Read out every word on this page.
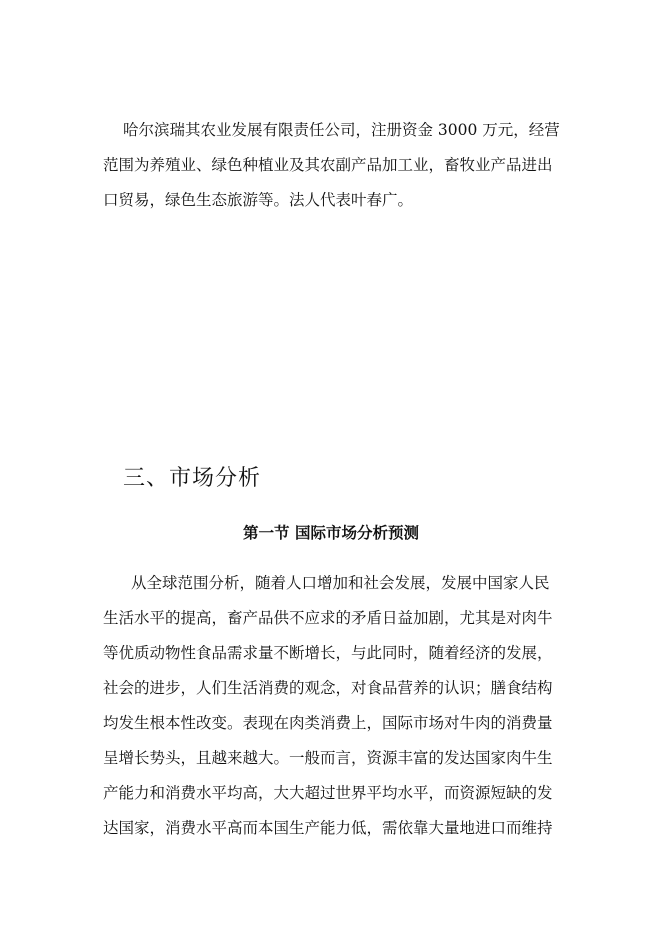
哈尔滨瑞其农业发展有限责任公司，注册资金 3000 万元，经营
范围为养殖业、绿色种植业及其农副产品加工业，畜牧业产品进出
口贸易，绿色生态旅游等。法人代表叶春广。
三、市场分析
第一节 国际市场分析预测
从全球范围分析，随着人口增加和社会发展，发展中国家人民
生活水平的提高，畜产品供不应求的矛盾日益加剧，尤其是对肉牛
等优质动物性食品需求量不断增长，与此同时，随着经济的发展，
社会的进步，人们生活消费的观念，对食品营养的认识；膳食结构
均发生根本性改变。表现在肉类消费上，国际市场对牛肉的消费量
呈增长势头，且越来越大。一般而言，资源丰富的发达国家肉牛生
产能力和消费水平均高，大大超过世界平均水平，而资源短缺的发
达国家，消费水平高而本国生产能力低，需依靠大量地进口而维持
